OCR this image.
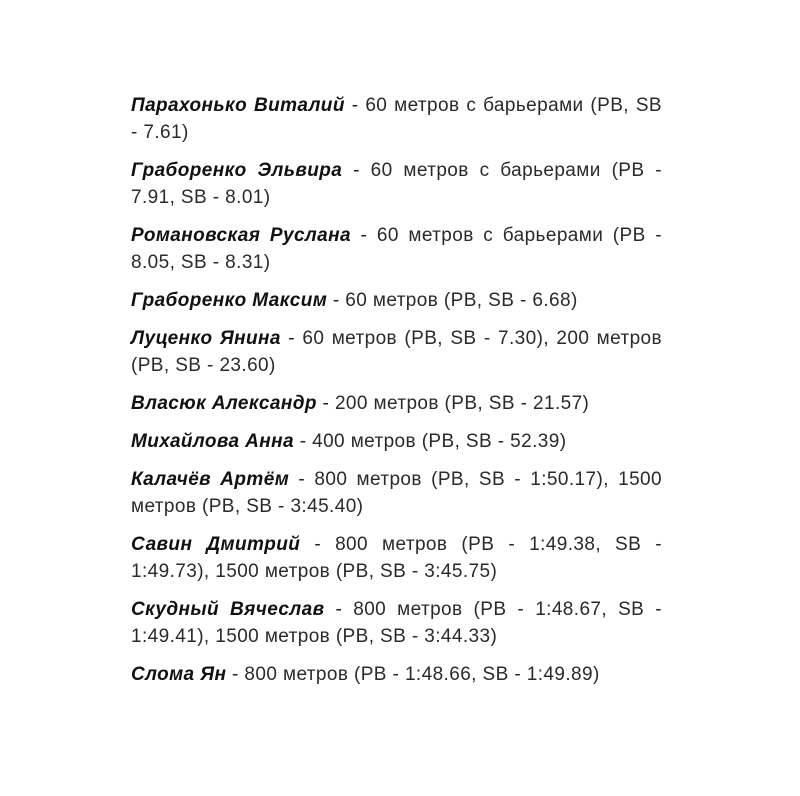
Парахонько Виталий - 60 метров с барьерами (PB, SB - 7.61)

Граборенко Эльвира - 60 метров с барьерами (PB - 7.91, SB - 8.01)

Романовская Руслана - 60 метров с барьерами (PB - 8.05, SB - 8.31)

Граборенко Максим - 60 метров (PB, SB - 6.68)

Луценко Янина - 60 метров (PB, SB - 7.30), 200 метров (PB, SB - 23.60)

Власюк Александр - 200 метров (PB, SB - 21.57)

Михайлова Анна - 400 метров (PB, SB - 52.39)

Калачёв Артём - 800 метров (PB, SB - 1:50.17), 1500 метров (PB, SB - 3:45.40)

Савин Дмитрий - 800 метров (PB - 1:49.38, SB - 1:49.73), 1500 метров (PB, SB - 3:45.75)

Скудный Вячеслав - 800 метров (PB - 1:48.67, SB - 1:49.41), 1500 метров (PB, SB - 3:44.33)

Слома Ян - 800 метров (PB - 1:48.66, SB - 1:49.89)
